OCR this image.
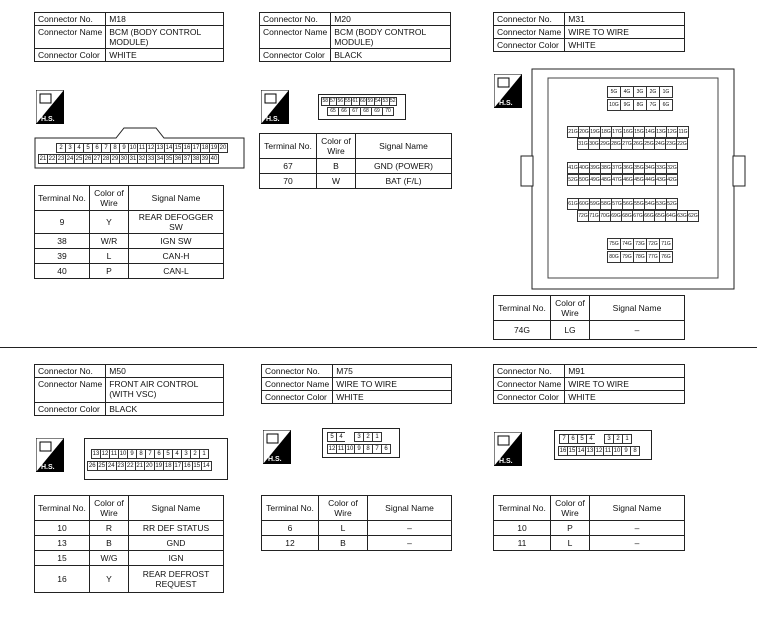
Connector No.	M18
Connector Name	BCM (BODY CONTROL MODULE)
Connector Color	WHITE
H.S.
2 3 4 5 6 7 8 9 10 11 12 13 14 15 16 17 18 19 20
21 22 23 24 25 26 27 28 29 30 31 32 33 34 35 36 37 38 39 40
Terminal No.	Color of Wire	Signal Name
9	Y	REAR DEFOGGER SW
38	W/R	IGN SW
39	L	CAN-H
40	P	CAN-L
Connector No.	M20
Connector Name	BCM (BODY CONTROL MODULE)
Connector Color	BLACK
H.S.
58 57 56 55 61 60 59 54 53 52
65	66	67	68	69	70
Terminal No.	Color of Wire	Signal Name
67	B	GND (POWER)
70	W	BAT (F/L)
Connector No.	M31
Connector Name	WIRE TO WIRE
Connector Color	WHITE
H.S.
5G	4G	3G	2G	1G
10G 9G	8G	7G	6G
21G 20G 19G 18G 17G 16G 15G 14G 13G 12G 11G
31G 30G 29G 28G 27G 26G 25G 24G 23G 22G
41G 40G 39G 38G 37G 36G 35G 34G 33G 32G
52G 50G 49G 48G 47G 46G 45G 44G 43G 42G
61G 60G 59G 58G 57G 56G 55G 54G 53G 52G
72G 71G 70G 69G 68G 67G 66G 65G 64G 63G 62G
75G 74G 73G 72G 71G
80G 79G 78G 77G 76G
Terminal No.	Color of Wire	Signal Name
74G	LG	–
Connector No.	M50
Connector Name	FRONT AIR CONTROL (WITH VSC)
Connector Color	BLACK
H.S.
13 12 11 10 9 8 7 6 5 4 3 2 1
26 25 24 23 22 21 20 19 18 17 16 15 14
Terminal No.	Color of Wire	Signal Name
10	R	RR DEF STATUS
13	B	GND
15	W/G	IGN
16	Y	REAR DEFROST REQUEST
Connector No.	M75
Connector Name	WIRE TO WIRE
Connector Color	WHITE
H.S.
5 4	3 2 1
12 11 10 9 8 7 6
Terminal No.	Color of Wire	Signal Name
6	L	–
12	B	–
Connector No.	M91
Connector Name	WIRE TO WIRE
Connector Color	WHITE
H.S.
7 6 5 4	3 2 1
16 15 14 13 12 11 10 9 8
Terminal No.	Color of Wire	Signal Name
10	P	–
11	L	–
